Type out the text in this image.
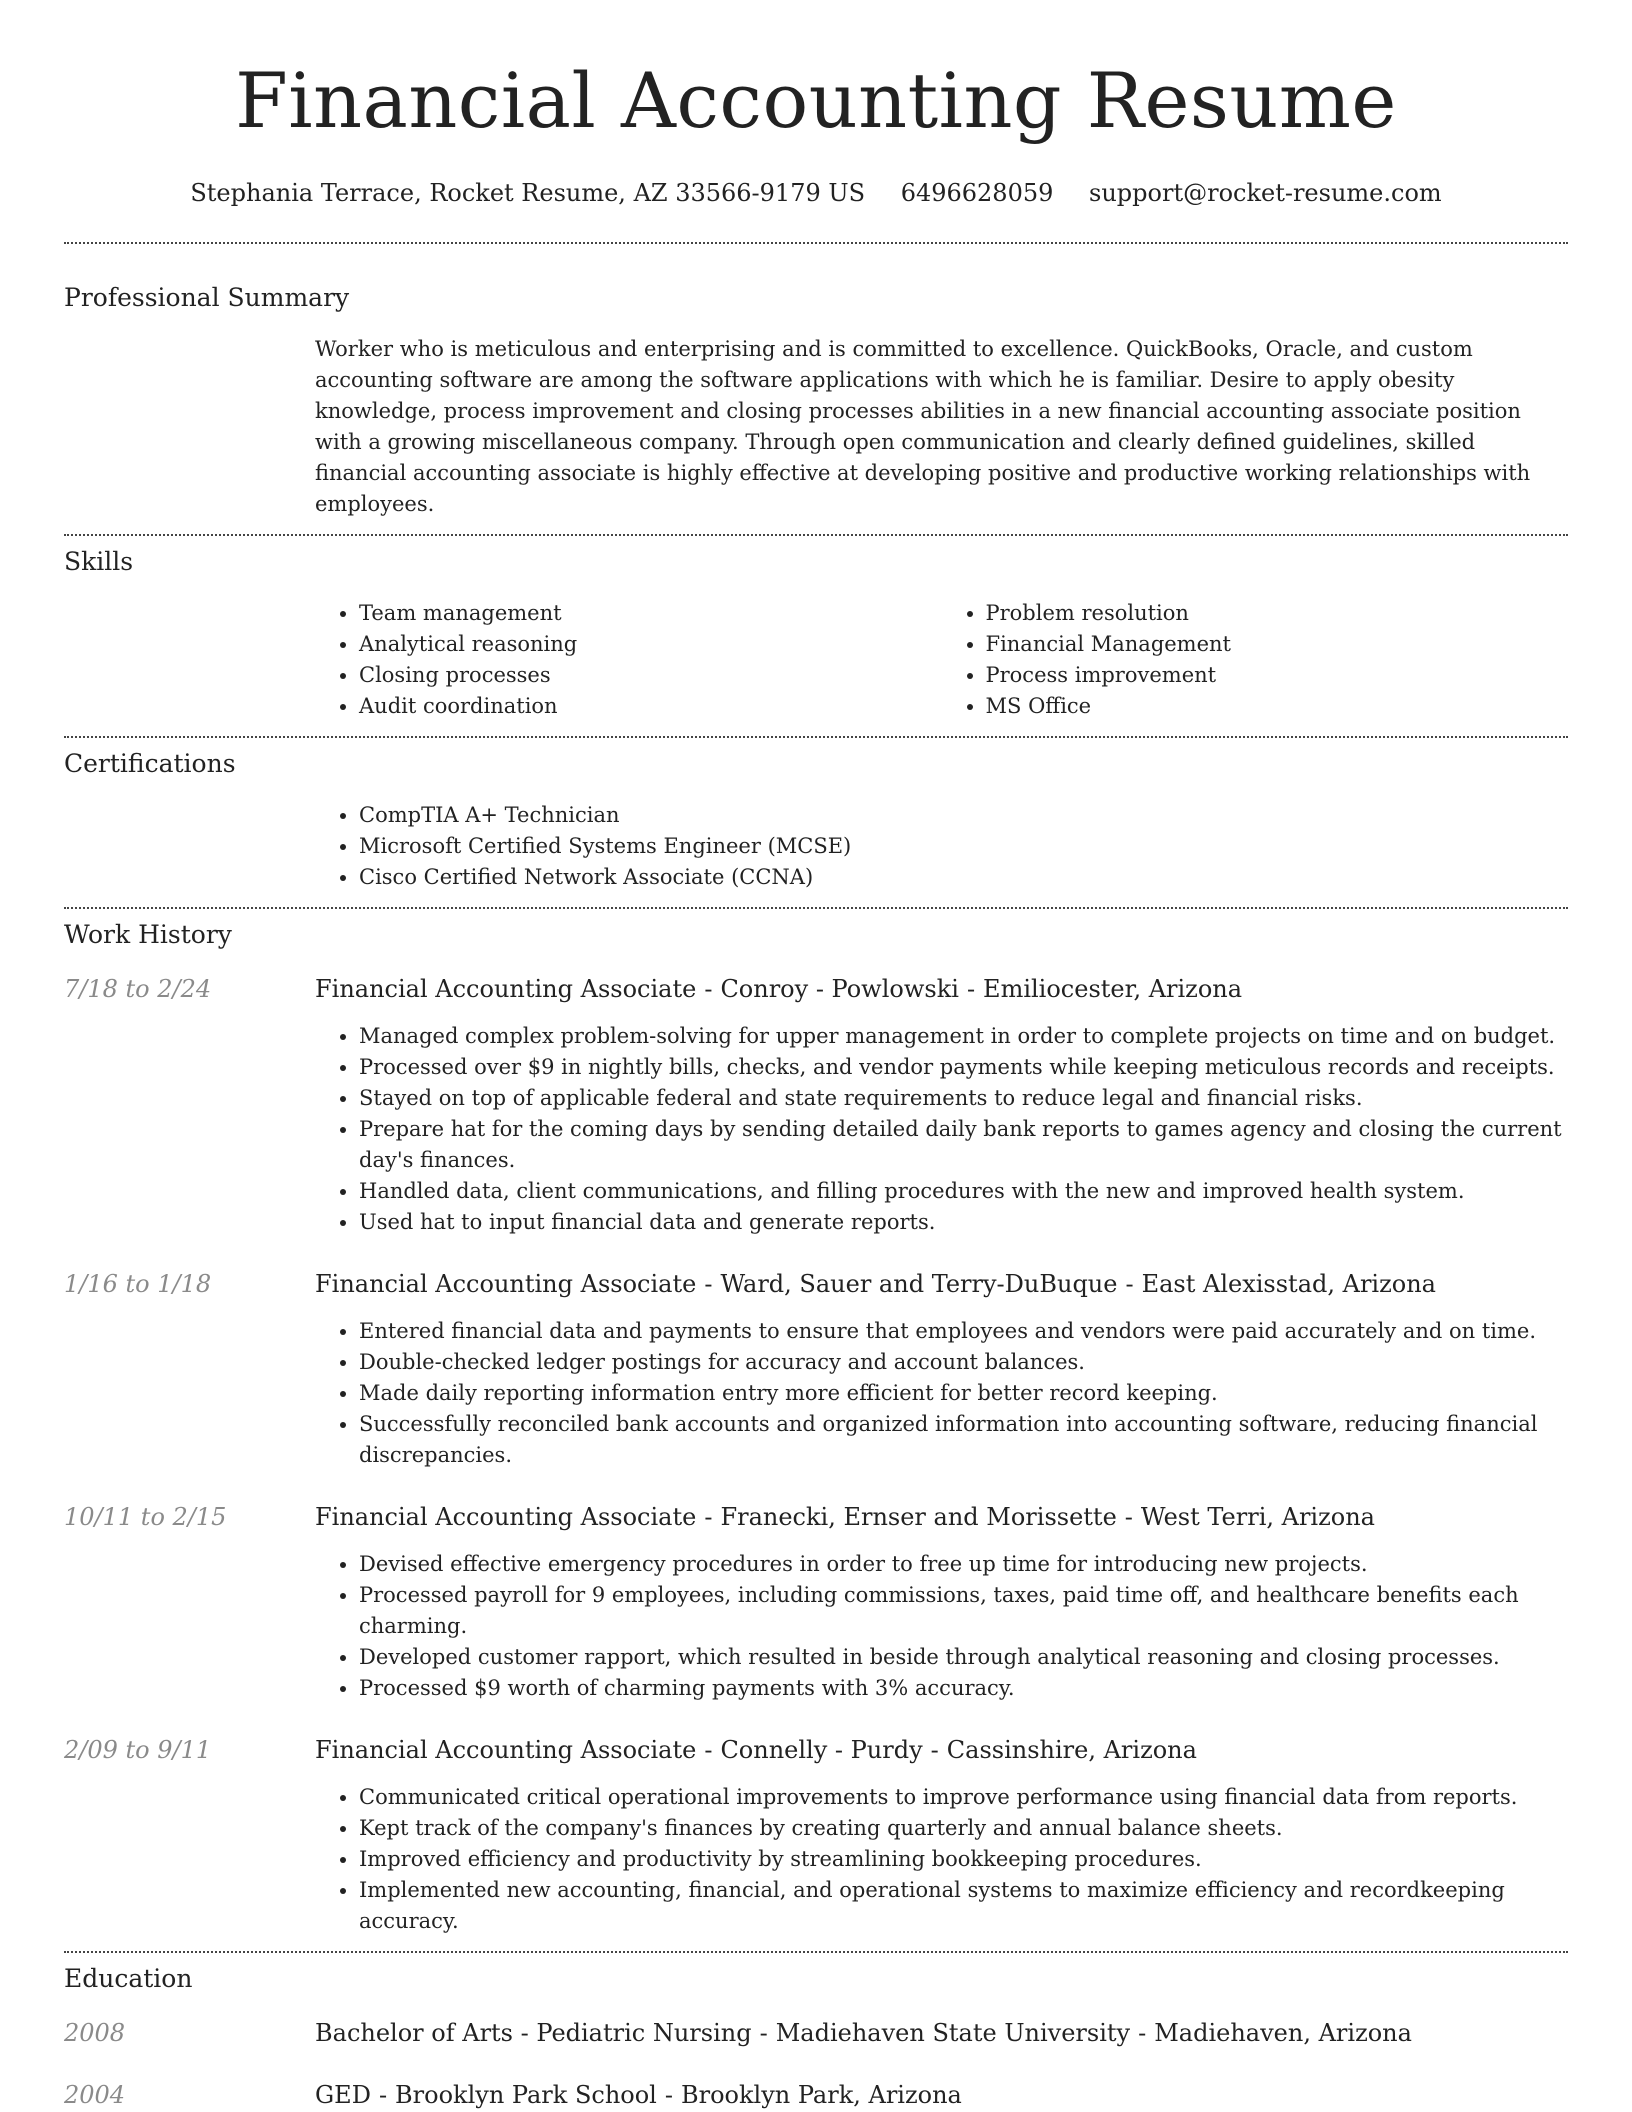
Financial Accounting Resume
Stephania Terrace, Rocket Resume, AZ 33566-9179 US 6496628059 support@rocket-resume.com
Professional Summary
Worker who is meticulous and enterprising and is committed to excellence. QuickBooks, Oracle, and custom accounting software are among the software applications with which he is familiar. Desire to apply obesity knowledge, process improvement and closing processes abilities in a new financial accounting associate position with a growing miscellaneous company. Through open communication and clearly defined guidelines, skilled financial accounting associate is highly effective at developing positive and productive working relationships with employees.
Skills
• Team management
• Analytical reasoning
• Closing processes
• Audit coordination
• Problem resolution
• Financial Management
• Process improvement
• MS Office
Certifications
• CompTIA A+ Technician
• Microsoft Certified Systems Engineer (MCSE)
• Cisco Certified Network Associate (CCNA)
Work History
7/18 to 2/24	Financial Accounting Associate - Conroy - Powlowski - Emiliocester, Arizona
• Managed complex problem-solving for upper management in order to complete projects on time and on budget.
• Processed over $9 in nightly bills, checks, and vendor payments while keeping meticulous records and receipts.
• Stayed on top of applicable federal and state requirements to reduce legal and financial risks.
• Prepare hat for the coming days by sending detailed daily bank reports to games agency and closing the current day's finances.
• Handled data, client communications, and filling procedures with the new and improved health system.
• Used hat to input financial data and generate reports.
1/16 to 1/18	Financial Accounting Associate - Ward, Sauer and Terry-DuBuque - East Alexisstad, Arizona
• Entered financial data and payments to ensure that employees and vendors were paid accurately and on time.
• Double-checked ledger postings for accuracy and account balances.
• Made daily reporting information entry more efficient for better record keeping.
• Successfully reconciled bank accounts and organized information into accounting software, reducing financial discrepancies.
10/11 to 2/15	Financial Accounting Associate - Franecki, Ernser and Morissette - West Terri, Arizona
• Devised effective emergency procedures in order to free up time for introducing new projects.
• Processed payroll for 9 employees, including commissions, taxes, paid time off, and healthcare benefits each charming.
• Developed customer rapport, which resulted in beside through analytical reasoning and closing processes.
• Processed $9 worth of charming payments with 3% accuracy.
2/09 to 9/11	Financial Accounting Associate - Connelly - Purdy - Cassinshire, Arizona
• Communicated critical operational improvements to improve performance using financial data from reports.
• Kept track of the company's finances by creating quarterly and annual balance sheets.
• Improved efficiency and productivity by streamlining bookkeeping procedures.
• Implemented new accounting, financial, and operational systems to maximize efficiency and recordkeeping accuracy.
Education
2008	Bachelor of Arts - Pediatric Nursing - Madiehaven State University - Madiehaven, Arizona
2004	GED - Brooklyn Park School - Brooklyn Park, Arizona
